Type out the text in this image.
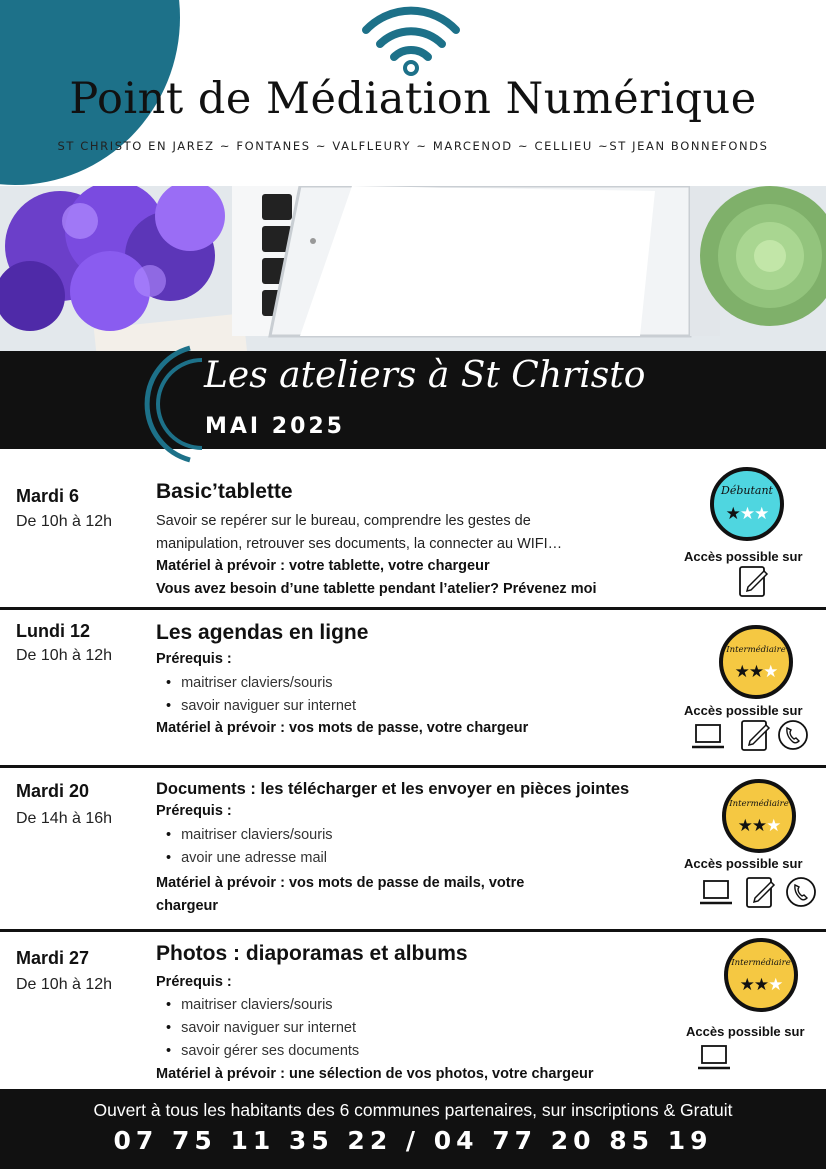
Point de Médiation Numérique
ST CHRISTO EN JAREZ ~ FONTANES ~ VALFLEURY ~ MARCENOD ~ CELLIEU ~ST JEAN BONNEFONDS
Les ateliers à St Christo
MAI 2025
Mardi 6
De 10h à 12h
Basic’tablette
Savoir se repérer sur le bureau, comprendre les gestes de
manipulation, retrouver ses documents, la connecter au WIFI…
Matériel à prévoir : votre tablette, votre chargeur
Vous avez besoin d’une tablette pendant l’atelier? Prévenez moi
Débutant
★★★
Accès possible sur
Lundi 12
De 10h à 12h
Les agendas en ligne
Prérequis :
• maitriser claviers/souris
• savoir naviguer sur internet
Matériel à prévoir : vos mots de passe, votre chargeur
Intermédiaire
★★★
Accès possible sur
Mardi 20
De 14h à 16h
Documents : les télécharger et les envoyer en pièces jointes
Prérequis :
• maitriser claviers/souris
• avoir une adresse mail
Matériel à prévoir : vos mots de passe de mails, votre
chargeur
Intermédiaire
★★★
Accès possible sur
Mardi 27
De 10h à 12h
Photos : diaporamas et albums
Prérequis :
• maitriser claviers/souris
• savoir naviguer sur internet
• savoir gérer ses documents
Matériel à prévoir : une sélection de vos photos, votre chargeur
Intermédiaire
★★★
Accès possible sur
Ouvert à tous les habitants des 6 communes partenaires, sur inscriptions & Gratuit
07 75 11 35 22 / 04 77 20 85 19
